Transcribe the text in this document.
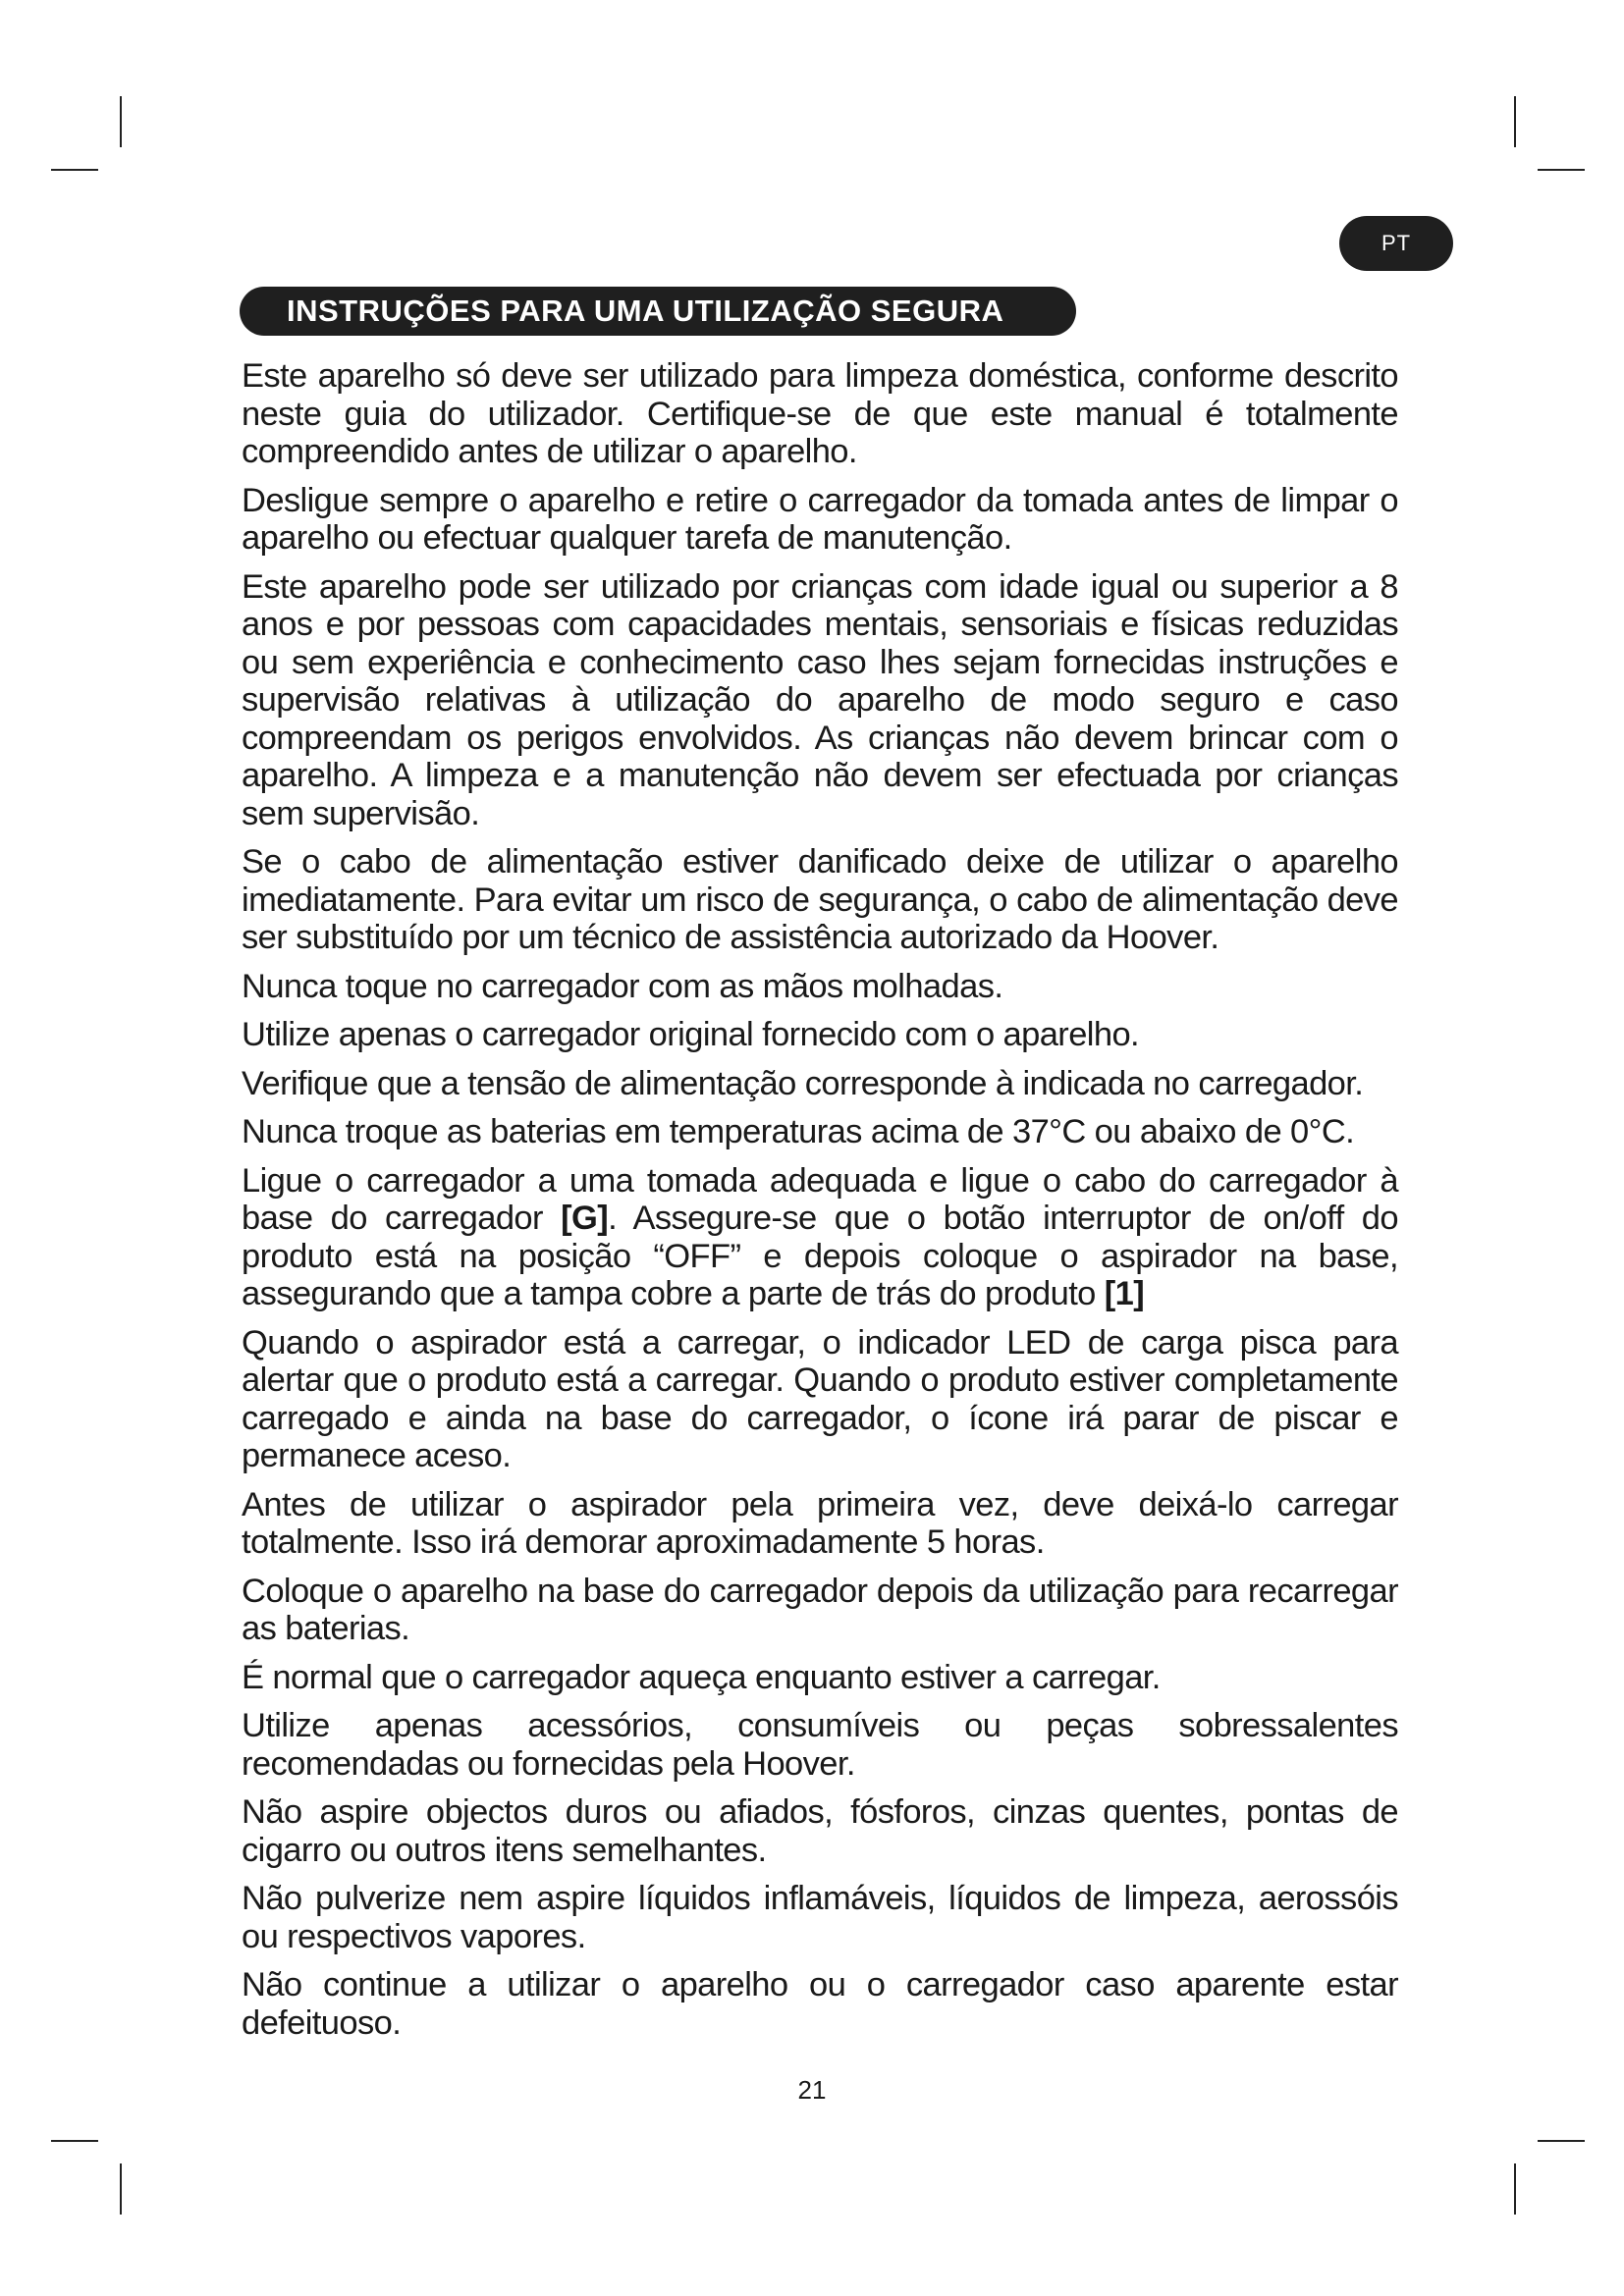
PT
INSTRUÇÕES PARA UMA UTILIZAÇÃO SEGURA

Este aparelho só deve ser utilizado para limpeza doméstica, conforme descrito neste guia do utilizador. Certifique-se de que este manual é totalmente compreendido antes de utilizar o aparelho.

Desligue sempre o aparelho e retire o carregador da tomada antes de limpar o aparelho ou efectuar qualquer tarefa de manutenção.

Este aparelho pode ser utilizado por crianças com idade igual ou superior a 8 anos e por pessoas com capacidades mentais, sensoriais e físicas reduzidas ou sem experiência e conhecimento caso lhes sejam fornecidas instruções e supervisão relativas à utilização do aparelho de modo seguro e caso compreendam os perigos envolvidos. As crianças não devem brincar com o aparelho. A limpeza e a manutenção não devem ser efectuada por crianças sem supervisão.

Se o cabo de alimentação estiver danificado deixe de utilizar o aparelho imediatamente. Para evitar um risco de segurança, o cabo de alimentação deve ser substituído por um técnico de assistência autorizado da Hoover.

Nunca toque no carregador com as mãos molhadas.

Utilize apenas o carregador original fornecido com o aparelho.

Verifique que a tensão de alimentação corresponde à indicada no carregador.

Nunca troque as baterias em temperaturas acima de 37°C ou abaixo de 0°C.

Ligue o carregador a uma tomada adequada e ligue o cabo do carregador à base do carregador [G]. Assegure-se que o botão interruptor de on/off do produto está na posição “OFF” e depois coloque o aspirador na base, assegurando que a tampa cobre a parte de trás do produto [1]

Quando o aspirador está a carregar, o indicador LED de carga pisca para alertar que o produto está a carregar. Quando o produto estiver completamente carregado e ainda na base do carregador, o ícone irá parar de piscar e permanece aceso.

Antes de utilizar o aspirador pela primeira vez, deve deixá-lo carregar totalmente. Isso irá demorar aproximadamente 5 horas.

Coloque o aparelho na base do carregador depois da utilização para recarregar as baterias.

É normal que o carregador aqueça enquanto estiver a carregar.

Utilize apenas acessórios, consumíveis ou peças sobressalentes recomendadas ou fornecidas pela Hoover.

Não aspire objectos duros ou afiados, fósforos, cinzas quentes, pontas de cigarro ou outros itens semelhantes.

Não pulverize nem aspire líquidos inflamáveis, líquidos de limpeza, aerossóis ou respectivos vapores.

Não continue a utilizar o aparelho ou o carregador caso aparente estar defeituoso.

21
